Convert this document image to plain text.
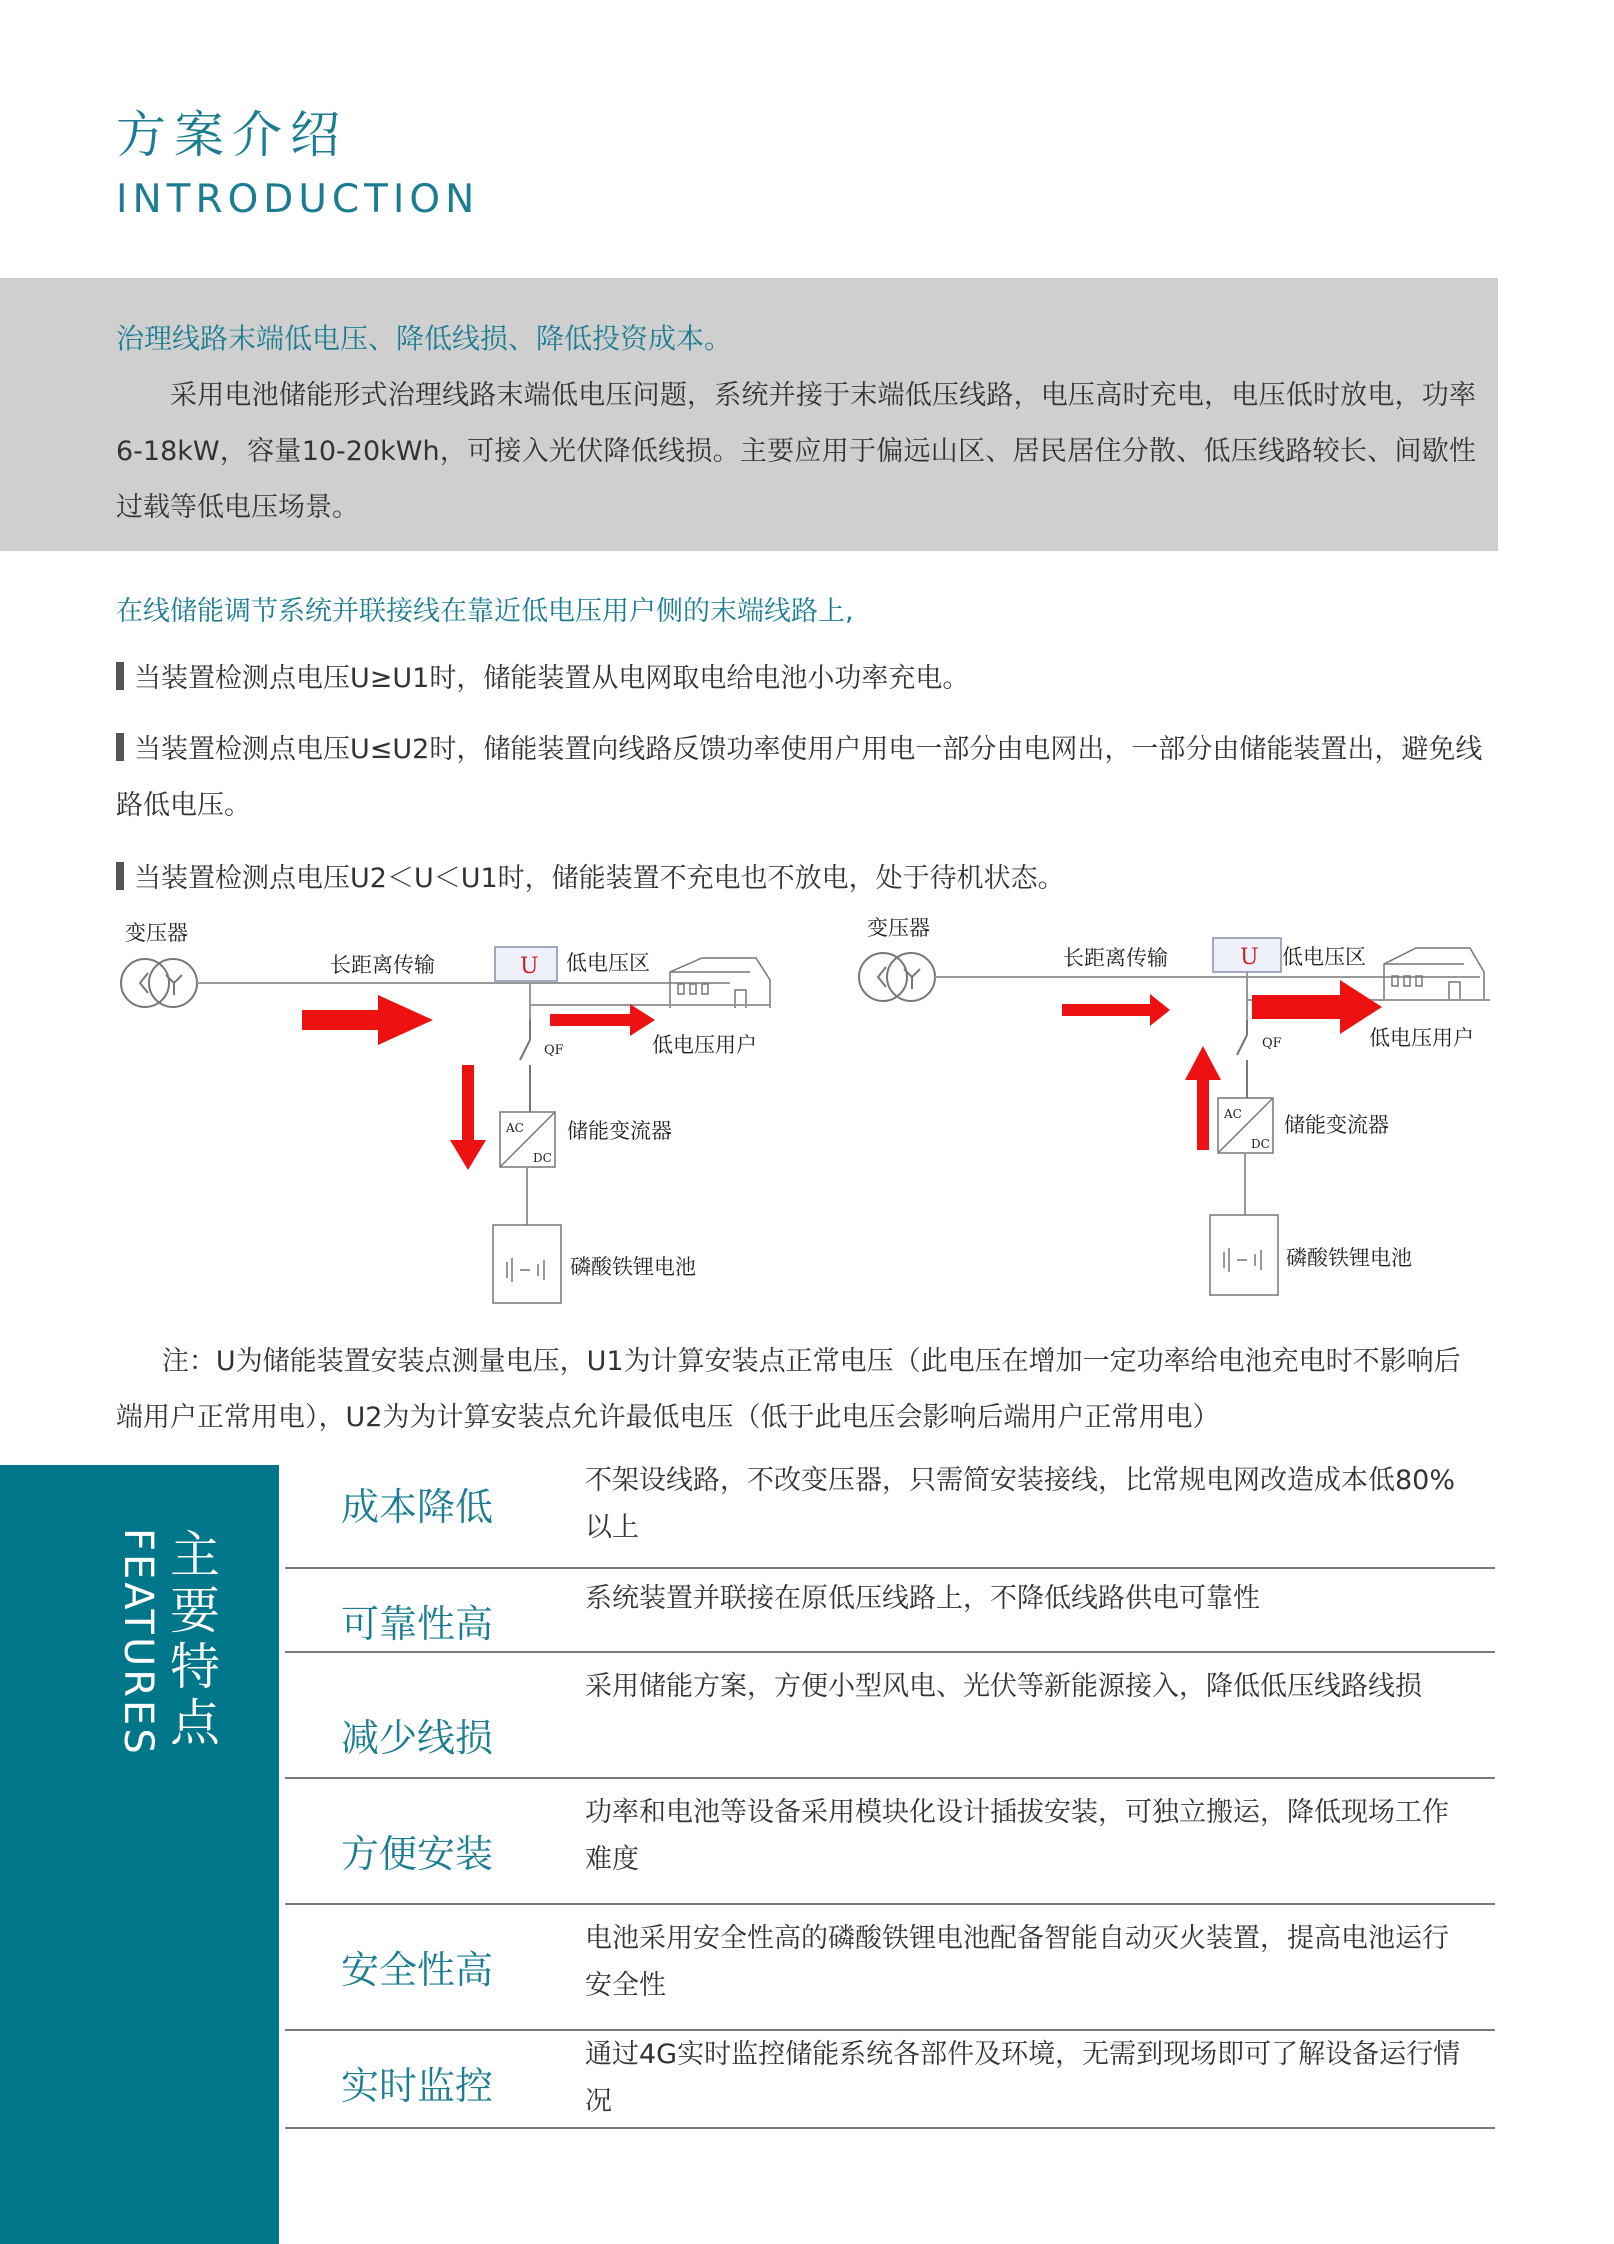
方案介绍
INTRODUCTION
治理线路末端低电压、降低线损、降低投资成本。
采用电池储能形式治理线路末端低电压问题，系统并接于末端低压线路，电压高时充电，电压低时放电，功率6-18kW，容量10-20kWh，可接入光伏降低线损。主要应用于偏远山区、居民居住分散、低压线路较长、间歇性过载等低电压场景。
在线储能调节系统并联接线在靠近低电压用户侧的末端线路上,
当装置检测点电压U≥U1时，储能装置从电网取电给电池小功率充电。
当装置检测点电压U≤U2时，储能装置向线路反馈功率使用户用电一部分由电网出，一部分由储能装置出，避免线路低电压。
当装置检测点电压U2＜U＜U1时，储能装置不充电也不放电，处于待机状态。
变压器
长距离传输	U 低电压区
低电压用户
QF
AC
DC
储能变流器
磷酸铁锂电池
变压器
长距离传输	U 低电压区
低电压用户
QF
AC
DC
储能变流器
磷酸铁锂电池
注：U为储能装置安装点测量电压，U1为计算安装点正常电压（此电压在增加一定功率给电池充电时不影响后端用户正常用电），U2为为计算安装点允许最低电压（低于此电压会影响后端用户正常用电）
主要特点
FEATURES
成本降低
不架设线路，不改变压器，只需简安装接线，比常规电网改造成本低80%以上
可靠性高
系统装置并联接在原低压线路上，不降低线路供电可靠性
减少线损
采用储能方案，方便小型风电、光伏等新能源接入，降低低压线路线损
方便安装
功率和电池等设备采用模块化设计插拔安装，可独立搬运，降低现场工作难度
安全性高
电池采用安全性高的磷酸铁锂电池配备智能自动灭火装置，提高电池运行安全性
实时监控
通过4G实时监控储能系统各部件及环境，无需到现场即可了解设备运行情况
